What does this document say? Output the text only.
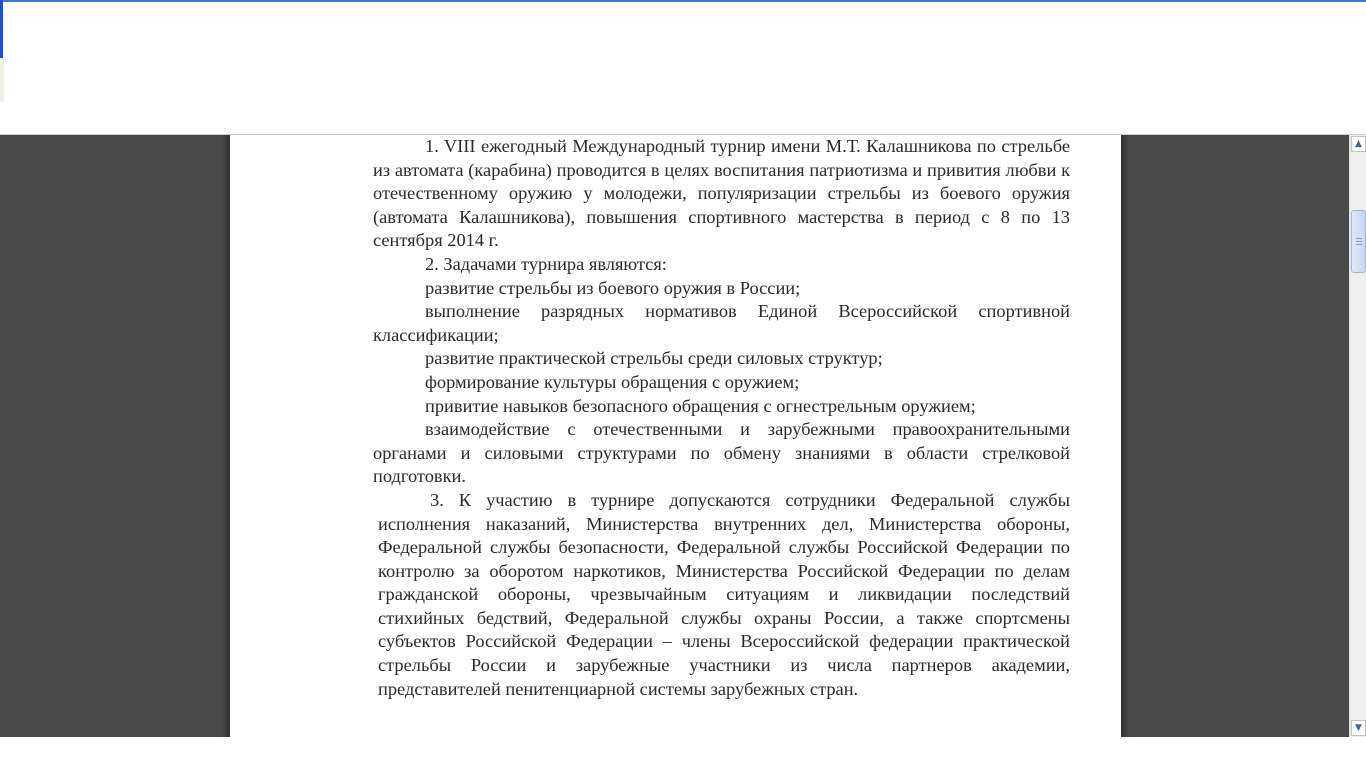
1. VIII ежегодный Международный турнир имени М.Т. Калашникова по стрельбе из автомата (карабина) проводится в целях воспитания патриотизма и привития любви к отечественному оружию у молодежи, популяризации стрельбы из боевого оружия (автомата Калашникова), повышения спортивного мастерства в период с 8 по 13 сентября 2014 г.

2. Задачами турнира являются:

развитие стрельбы из боевого оружия в России;

выполнение разрядных нормативов Единой Всероссийской спортивной классификации;

развитие практической стрельбы среди силовых структур;

формирование культуры обращения с оружием;

привитие навыков безопасного обращения с огнестрельным оружием;

взаимодействие с отечественными и зарубежными правоохранительными органами и силовыми структурами по обмену знаниями в области стрелковой подготовки.

3. К участию в турнире допускаются сотрудники Федеральной службы исполнения наказаний, Министерства внутренних дел, Министерства обороны, Федеральной службы безопасности, Федеральной службы Российской Федерации по контролю за оборотом наркотиков, Министерства Российской Федерации по делам гражданской обороны, чрезвычайным ситуациям и ликвидации последствий стихийных бедствий, Федеральной службы охраны России, а также спортсмены субъектов Российской Федерации – члены Всероссийской федерации практической стрельбы России и зарубежные участники из числа партнеров академии, представителей пенитенциарной системы зарубежных стран.

▲
▼
